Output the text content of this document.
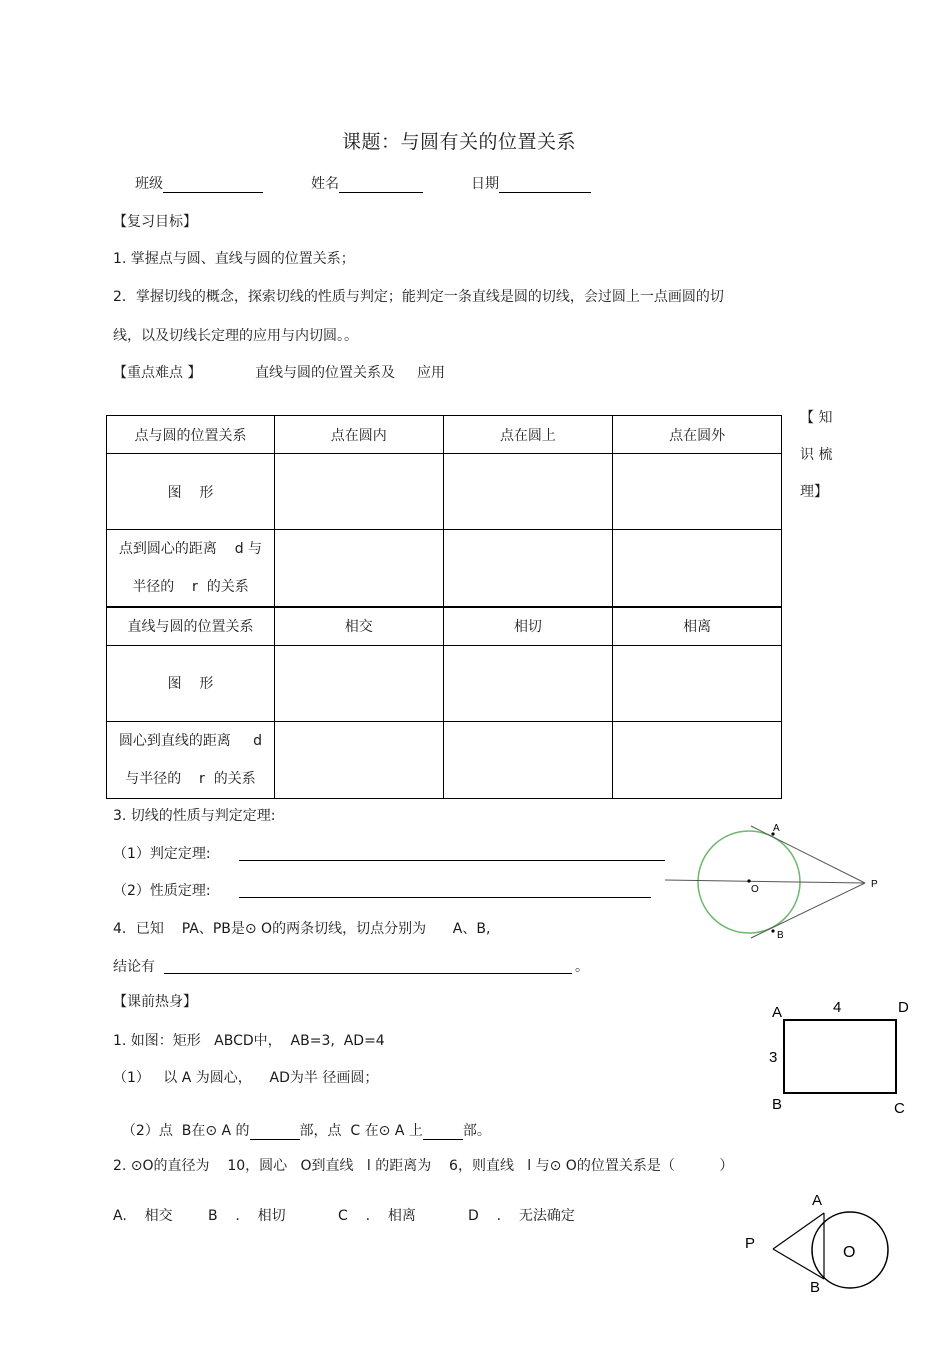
课题：与圆有关的位置关系
班级	姓名	日期
【复习目标】
1. 掌握点与圆、直线与圆的位置关系；
2．掌握切线的概念，探索切线的性质与判定；能判定一条直线是圆的切线，会过圆上一点画圆的切
线，以及切线长定理的应用与内切圆。。
【重点难点 】	直线与圆的位置关系及 应用
【 知
识 梳
理】
点与圆的位置关系	点在圆内	点在圆上	点在圆外
图    形			

点到圆心的距离    d 与
半径的    r  的关系			

直线与圆的位置关系	相交	相切	相离
图    形			

圆心到直线的距离     d
与半径的    r  的关系			

3. 切线的性质与判定定理:
（1）判定定理:
（2）性质定理:
4．已知    PA、PB是⊙ O的两条切线，切点分别为      A、B,
结论有	。
A
B
O	P
【课前热身】
1. 如图：矩形   ABCD中，  AB=3,  AD=4
（1）   以 A 为圆心，    AD为半 径画圆；

（2）点  B在⊙ A 的	部，点  C 在⊙ A 上	部。

A	D
B	C
4
3
2. ⊙O的直径为    10，圆心   O到直线   l 的距离为    6，则直线   l 与⊙ O的位置关系是（          ）
A.    相交	B    .    相切	C    .    相离	D    .    无法确定
A
B
P
O
